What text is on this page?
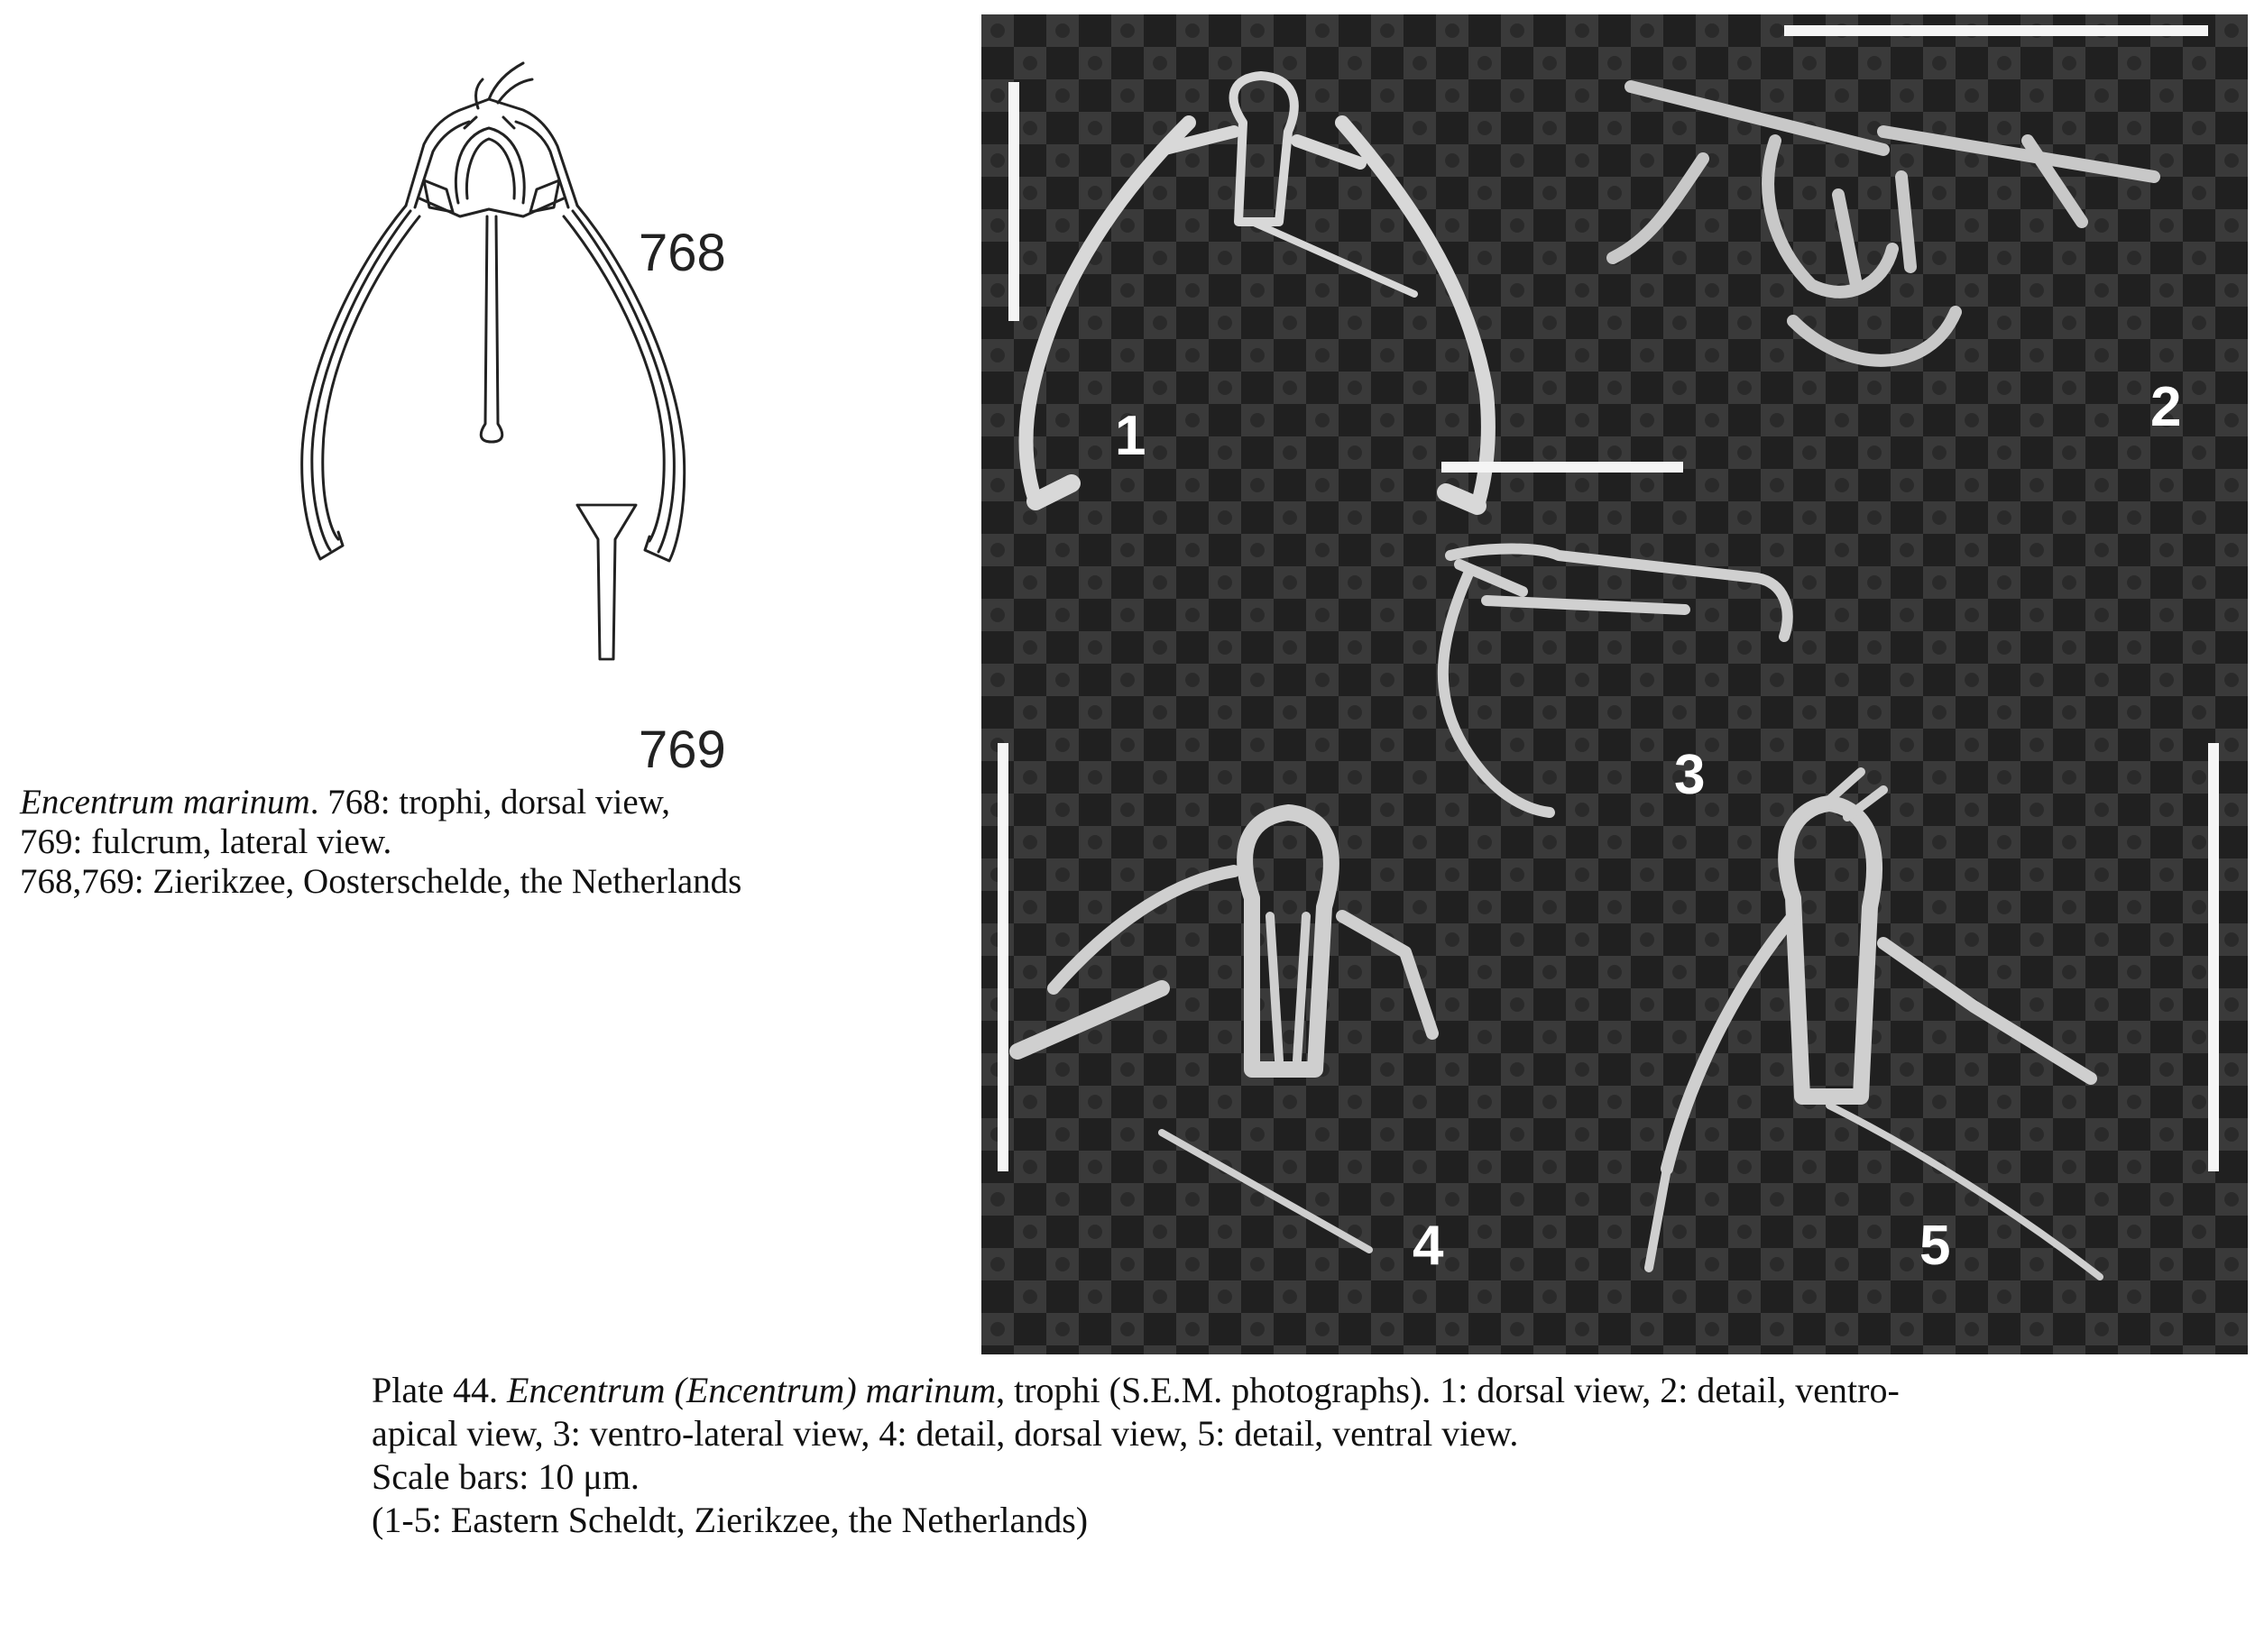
768
769
Encentrum marinum. 768: trophi, dorsal view,
769: fulcrum, lateral view.
768,769: Zierikzee, Oosterschelde, the Netherlands
1	2
3
4	5
Plate 44. Encentrum (Encentrum) marinum, trophi (S.E.M. photographs). 1: dorsal view, 2: detail, ventro-
apical view, 3: ventro-lateral view, 4: detail, dorsal view, 5: detail, ventral view.
Scale bars: 10 μm.
(1-5: Eastern Scheldt, Zierikzee, the Netherlands)
